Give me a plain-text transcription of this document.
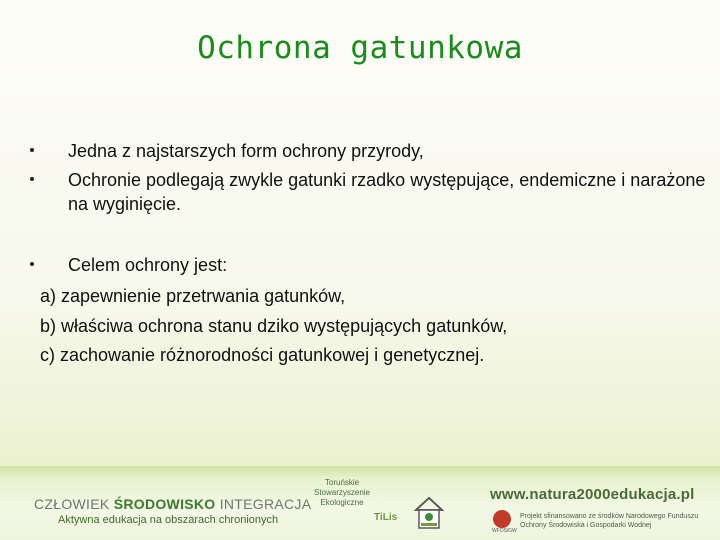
Ochrona gatunkowa
Jedna z najstarszych form ochrony przyrody,
Ochronie podlegają zwykle gatunki rzadko występujące, endemiczne i narażone na wyginięcie.
Celem ochrony jest:
a) zapewnienie przetrwania gatunków,
b) właściwa ochrona stanu dziko występujących gatunków,
c) zachowanie różnorodności gatunkowej i genetycznej.
CZŁOWIEK ŚRODOWISKO INTEGRACJA
Aktywna edukacja na obszarach chronionych
Toruńskie Stowarzyszenie Ekologiczne
TiLis
www.natura2000edukacja.pl
WFOŚiGW
Projekt sfinansowano ze środków Narodowego Funduszu Ochrony Środowiska i Gospodarki Wodnej
